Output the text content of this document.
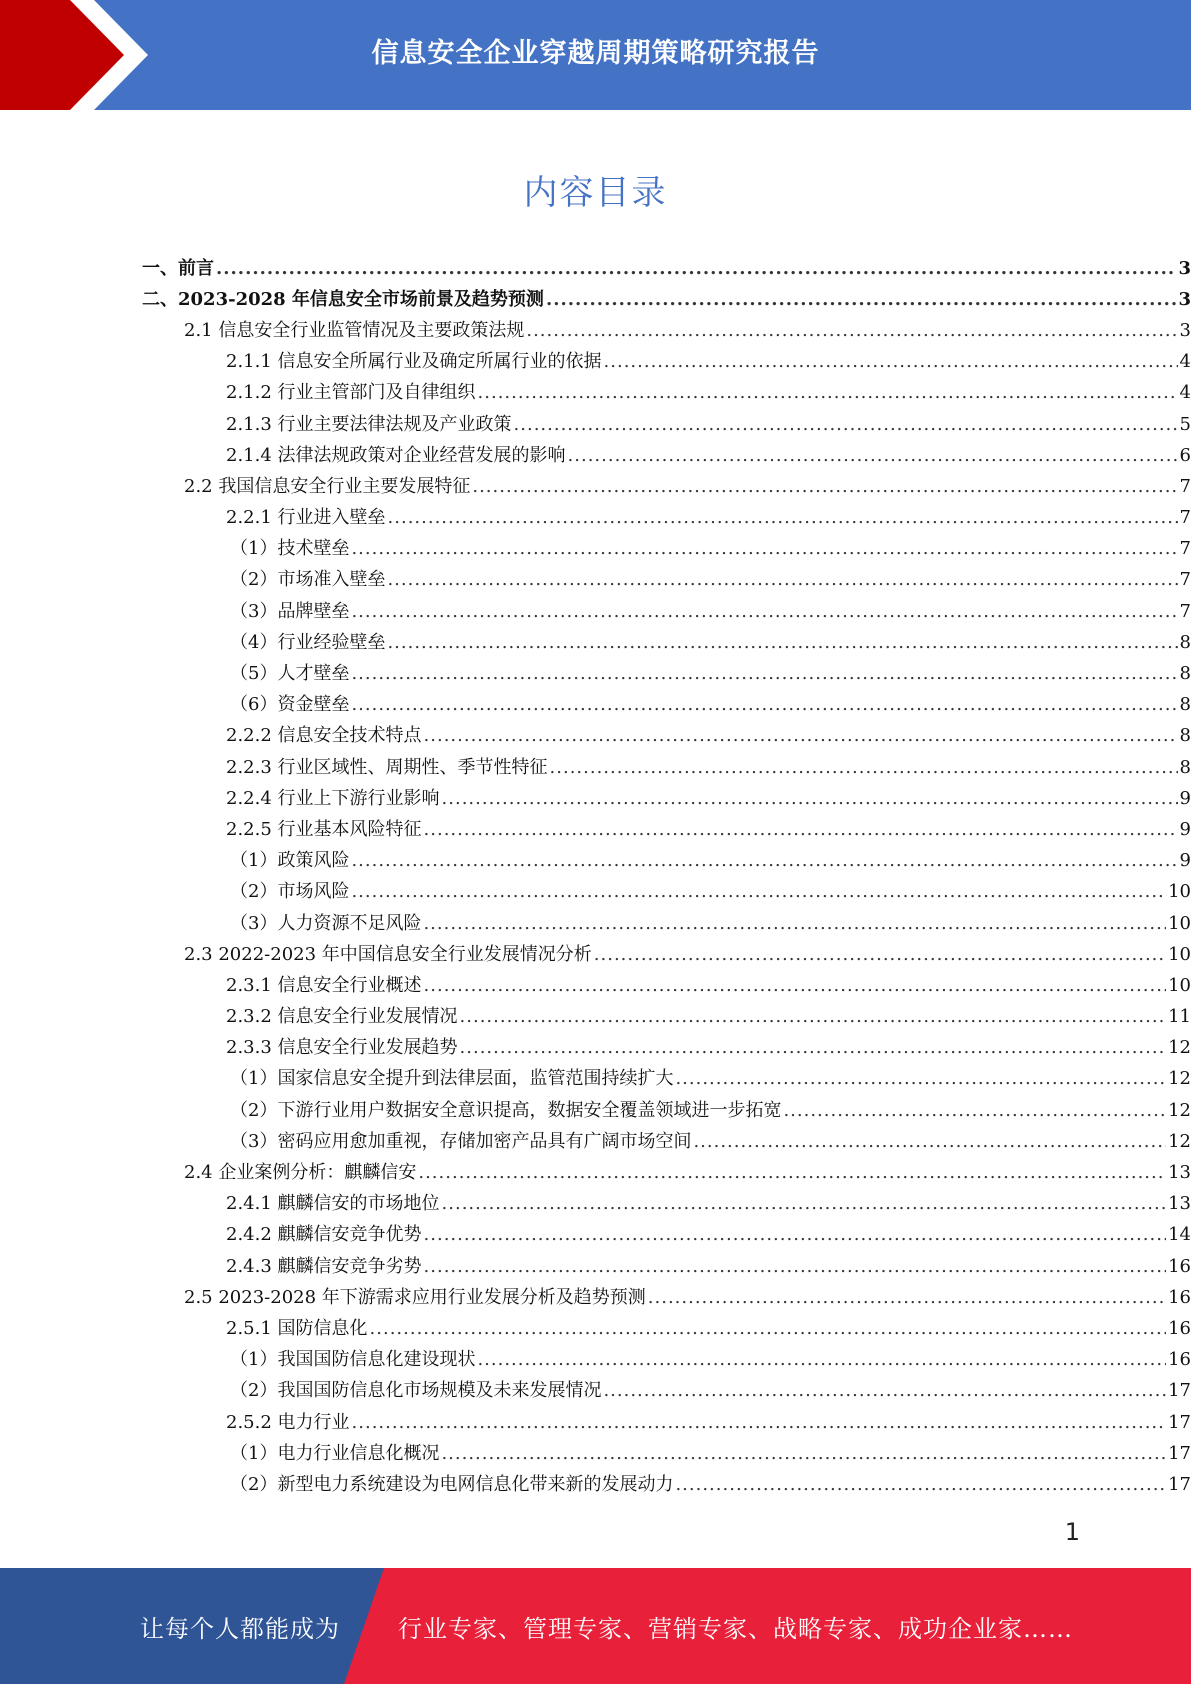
信息安全企业穿越周期策略研究报告
内容目录
一、前言 .....	3
二、2023-2028 年信息安全市场前景及趋势预测 .....	3
2.1 信息安全行业监管情况及主要政策法规 .....	3
2.1.1 信息安全所属行业及确定所属行业的依据 .....	4
2.1.2 行业主管部门及自律组织 .....	4
2.1.3 行业主要法律法规及产业政策 .....	5
2.1.4 法律法规政策对企业经营发展的影响 .....	6
2.2 我国信息安全行业主要发展特征 .....	7
2.2.1 行业进入壁垒 .....	7
（1）技术壁垒 .....	7
（2）市场准入壁垒 .....	7
（3）品牌壁垒 .....	7
（4）行业经验壁垒 .....	8
（5）人才壁垒 .....	8
（6）资金壁垒 .....	8
2.2.2 信息安全技术特点 .....	8
2.2.3 行业区域性、周期性、季节性特征 .....	8
2.2.4 行业上下游行业影响 .....	9
2.2.5 行业基本风险特征 .....	9
（1）政策风险 .....	9
（2）市场风险 .....	10
（3）人力资源不足风险 .....	10
2.3 2022-2023 年中国信息安全行业发展情况分析 .....	10
2.3.1 信息安全行业概述 .....	10
2.3.2 信息安全行业发展情况 .....	11
2.3.3 信息安全行业发展趋势 .....	12
（1）国家信息安全提升到法律层面，监管范围持续扩大 .....	12
（2）下游行业用户数据安全意识提高，数据安全覆盖领域进一步拓宽 .....	12
（3）密码应用愈加重视，存储加密产品具有广阔市场空间 .....	12
2.4 企业案例分析：麒麟信安 .....	13
2.4.1 麒麟信安的市场地位 .....	13
2.4.2 麒麟信安竞争优势 .....	14
2.4.3 麒麟信安竞争劣势 .....	16
2.5 2023-2028 年下游需求应用行业发展分析及趋势预测 .....	16
2.5.1 国防信息化 .....	16
（1）我国国防信息化建设现状 .....	16
（2）我国国防信息化市场规模及未来发展情况 .....	17
2.5.2 电力行业 .....	17
（1）电力行业信息化概况 .....	17
（2）新型电力系统建设为电网信息化带来新的发展动力 .....	17
1
让每个人都能成为 行业专家、管理专家、营销专家、战略专家、成功企业家……
